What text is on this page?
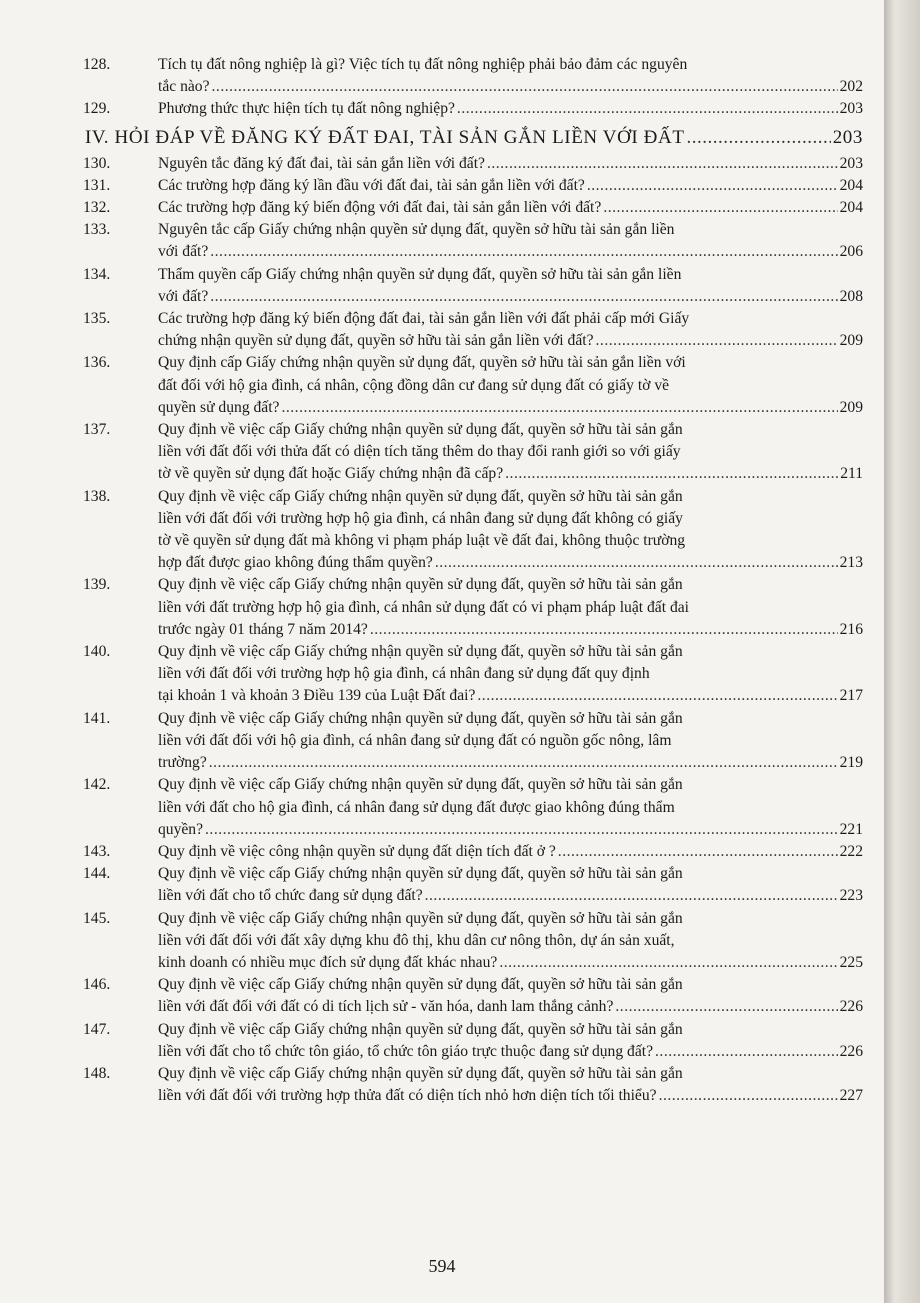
128.	Tích tụ đất nông nghiệp là gì? Việc tích tụ đất nông nghiệp phải bảo đảm các nguyên
tắc nào? .....	202
129.	Phương thức thực hiện tích tụ đất nông nghiệp? .....	203
IV. HỎI ĐÁP VỀ ĐĂNG KÝ ĐẤT ĐAI, TÀI SẢN GẮN LIỀN VỚI ĐẤT .....	203
130.	Nguyên tắc đăng ký đất đai, tài sản gắn liền với đất? .....	203
131.	Các trường hợp đăng ký lần đầu với đất đai, tài sản gắn liền với đất? .....	204
132.	Các trường hợp đăng ký biến động với đất đai, tài sản gắn liền với đất? .....	204
133.	Nguyên tắc cấp Giấy chứng nhận quyền sử dụng đất, quyền sở hữu tài sản gắn liền
với đất? .....	206
134.	Thẩm quyền cấp Giấy chứng nhận quyền sử dụng đất, quyền sở hữu tài sản gắn liền
với đất? .....	208
135.	Các trường hợp đăng ký biến động đất đai, tài sản gắn liền với đất phải cấp mới Giấy
chứng nhận quyền sử dụng đất, quyền sở hữu tài sản gắn liền với đất? .....	209
136.	Quy định cấp Giấy chứng nhận quyền sử dụng đất, quyền sở hữu tài sản gắn liền với
đất đối với hộ gia đình, cá nhân, cộng đồng dân cư đang sử dụng đất có giấy tờ về
quyền sử dụng đất? .....	209
137.	Quy định về việc cấp Giấy chứng nhận quyền sử dụng đất, quyền sở hữu tài sản gắn
liền với đất đối với thửa đất có diện tích tăng thêm do thay đổi ranh giới so với giấy
tờ về quyền sử dụng đất hoặc Giấy chứng nhận đã cấp? .....	211
138.	Quy định về việc cấp Giấy chứng nhận quyền sử dụng đất, quyền sở hữu tài sản gắn
liền với đất đối với trường hợp hộ gia đình, cá nhân đang sử dụng đất không có giấy
tờ về quyền sử dụng đất mà không vi phạm pháp luật về đất đai, không thuộc trường
hợp đất được giao không đúng thẩm quyền? .....	213
139.	Quy định về việc cấp Giấy chứng nhận quyền sử dụng đất, quyền sở hữu tài sản gắn
liền với đất trường hợp hộ gia đình, cá nhân sử dụng đất có vi phạm pháp luật đất đai
trước ngày 01 tháng 7 năm 2014? .....	216
140.	Quy định về việc cấp Giấy chứng nhận quyền sử dụng đất, quyền sở hữu tài sản gắn
liền với đất đối với trường hợp hộ gia đình, cá nhân đang sử dụng đất quy định
tại khoản 1 và khoản 3 Điều 139 của Luật Đất đai? .....	217
141.	Quy định về việc cấp Giấy chứng nhận quyền sử dụng đất, quyền sở hữu tài sản gắn
liền với đất đối với hộ gia đình, cá nhân đang sử dụng đất có nguồn gốc nông, lâm
trường? .....	219
142.	Quy định về việc cấp Giấy chứng nhận quyền sử dụng đất, quyền sở hữu tài sản gắn
liền với đất cho hộ gia đình, cá nhân đang sử dụng đất được giao không đúng thẩm
quyền? .....	221
143.	Quy định về việc công nhận quyền sử dụng đất diện tích đất ở ? .....	222
144.	Quy định về việc cấp Giấy chứng nhận quyền sử dụng đất, quyền sở hữu tài sản gắn
liền với đất cho tổ chức đang sử dụng đất? .....	223
145.	Quy định về việc cấp Giấy chứng nhận quyền sử dụng đất, quyền sở hữu tài sản gắn
liền với đất đối với đất xây dựng khu đô thị, khu dân cư nông thôn, dự án sản xuất,
kinh doanh có nhiều mục đích sử dụng đất khác nhau? .....	225
146.	Quy định về việc cấp Giấy chứng nhận quyền sử dụng đất, quyền sở hữu tài sản gắn
liền với đất đối với đất có di tích lịch sử - văn hóa, danh lam thắng cảnh? .....	226
147.	Quy định về việc cấp Giấy chứng nhận quyền sử dụng đất, quyền sở hữu tài sản gắn
liền với đất cho tổ chức tôn giáo, tổ chức tôn giáo trực thuộc đang sử dụng đất? .....	226
148.	Quy định về việc cấp Giấy chứng nhận quyền sử dụng đất, quyền sở hữu tài sản gắn
liền với đất đối với trường hợp thửa đất có diện tích nhỏ hơn diện tích tối thiểu? .....	227
594
